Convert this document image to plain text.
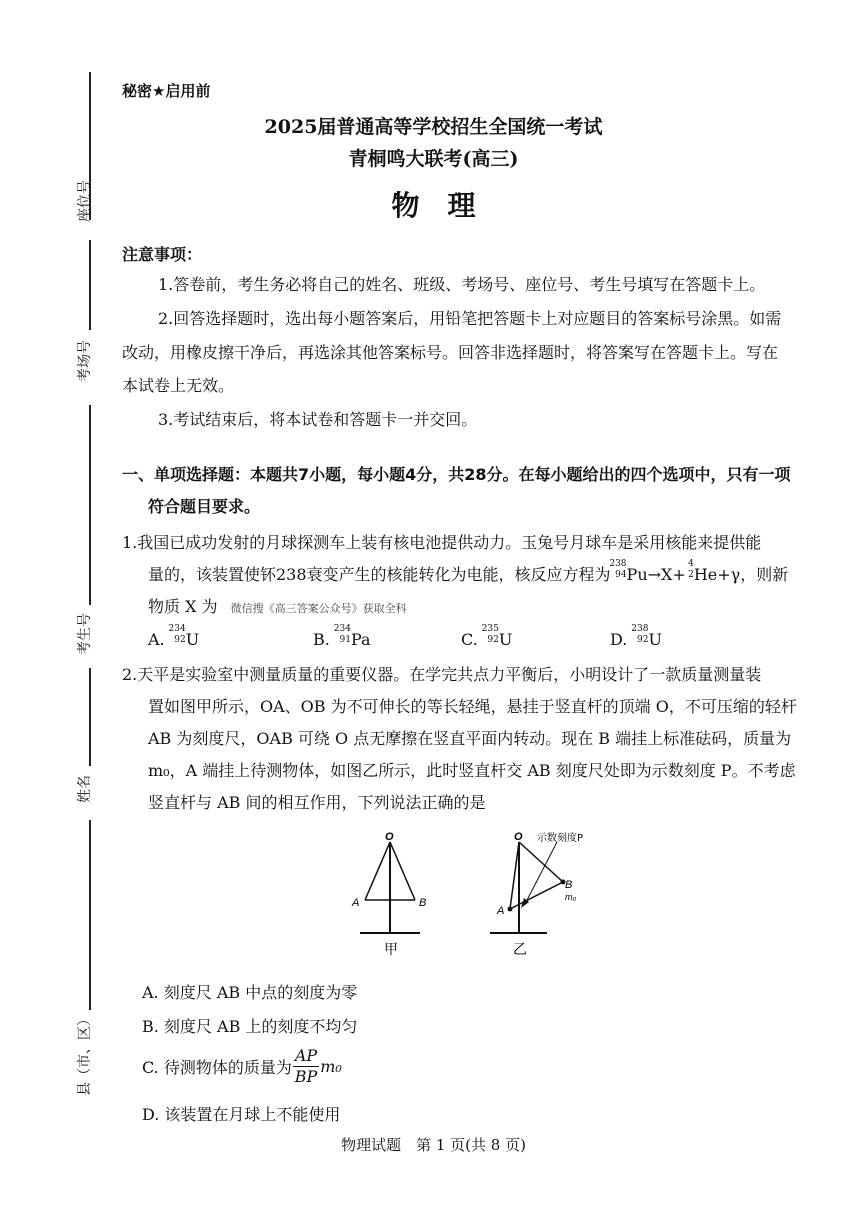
座位号
考场号
考生号
姓名
县（市、区）
秘密★启用前
2025届普通高等学校招生全国统一考试
青桐鸣大联考(高三)
物　理
注意事项：
1.答卷前，考生务必将自己的姓名、班级、考场号、座位号、考生号填写在答题卡上。
2.回答选择题时，选出每小题答案后，用铅笔把答题卡上对应题目的答案标号涂黑。如需
改动，用橡皮擦干净后，再选涂其他答案标号。回答非选择题时，将答案写在答题卡上。写在
本试卷上无效。
3.考试结束后，将本试卷和答题卡一并交回。
一、单项选择题：本题共7小题，每小题4分，共28分。在每小题给出的四个选项中，只有一项
符合题目要求。
1.我国已成功发射的月球探测车上装有核电池提供动力。玉兔号月球车是采用核能来提供能
量的，该装置使钚238衰变产生的核能转化为电能，核反应方程为
238
94 Pu→X+
4
2 He+γ，则新
物质 X 为 微信搜《高三答案公众号》获取全科
A.
234
92 U	B.
234
91 Pa	C.
235
92 U	D.
238
92 U
2.天平是实验室中测量质量的重要仪器。在学完共点力平衡后，小明设计了一款质量测量装
置如图甲所示，OA、OB 为不可伸长的等长轻绳，悬挂于竖直杆的顶端 O，不可压缩的轻杆
AB 为刻度尺，OAB 可绕 O 点无摩擦在竖直平面内转动。现在 B 端挂上标准砝码，质量为
m₀，A 端挂上待测物体，如图乙所示，此时竖直杆交 AB 刻度尺处即为示数刻度 P。不考虑
竖直杆与 AB 间的相互作用，下列说法正确的是
O
A	B
甲
O 示数刻度P
A
B
m₀
乙
A. 刻度尺 AB 中点的刻度为零
B. 刻度尺 AB 上的刻度不均匀
C. 待测物体的质量为 $\frac{AP}{BP} m_0$
D. 该装置在月球上不能使用
物理试题　第 1 页(共 8 页)
